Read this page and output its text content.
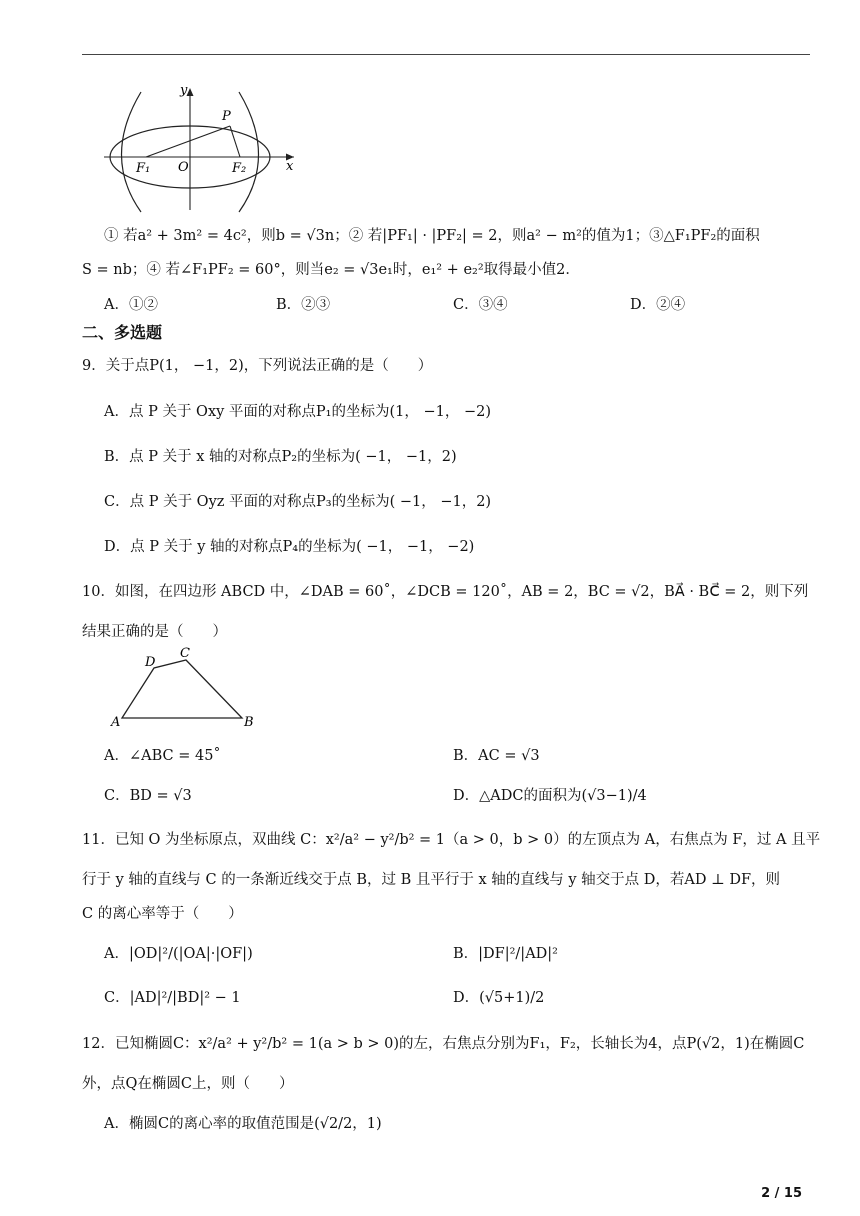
y
x
P
F₁ O	F₂
① 若a² + 3m² = 4c²，则b = √3n；② 若|PF₁| · |PF₂| = 2，则a² − m²的值为1；③△F₁PF₂的面积
S = nb；④ 若∠F₁PF₂ = 60°，则当e₂ = √3e₁时，e₁² + e₂²取得最小值2．
A．①②	B．②③	C．③④	D．②④
二、多选题
9．关于点P(1， −1，2)，下列说法正确的是（　　）
A．点 P 关于 Oxy 平面的对称点P₁的坐标为(1， −1， −2)
B．点 P 关于 x 轴的对称点P₂的坐标为( −1， −1，2)
C．点 P 关于 Oyz 平面的对称点P₃的坐标为( −1， −1，2)
D．点 P 关于 y 轴的对称点P₄的坐标为( −1， −1， −2)
10．如图，在四边形 ABCD 中，∠DAB = 60˚，∠DCB = 120˚，AB = 2，BC = √2，BA⃗ · BC⃗ = 2，则下列
结果正确的是（　　）
A	B
C
D
A．∠ABC = 45˚	B．AC = √3
C．BD = √3	D．△ADC的面积为(√3−1)/4
11．已知 O 为坐标原点，双曲线 C：x²/a² − y²/b² = 1（a > 0，b > 0）的左顶点为 A，右焦点为 F，过 A 且平
行于 y 轴的直线与 C 的一条渐近线交于点 B，过 B 且平行于 x 轴的直线与 y 轴交于点 D，若AD ⊥ DF，则
C 的离心率等于（　　）
A．|OD|²/(|OA|·|OF|)	B．|DF|²/|AD|²
C．|AD|²/|BD|² − 1	D．(√5+1)/2
12．已知椭圆C：x²/a² + y²/b² = 1(a > b > 0)的左，右焦点分别为F₁，F₂，长轴长为4，点P(√2，1)在椭圆C
外，点Q在椭圆C上，则（　　）
A．椭圆C的离心率的取值范围是(√2/2，1)
2 / 15
